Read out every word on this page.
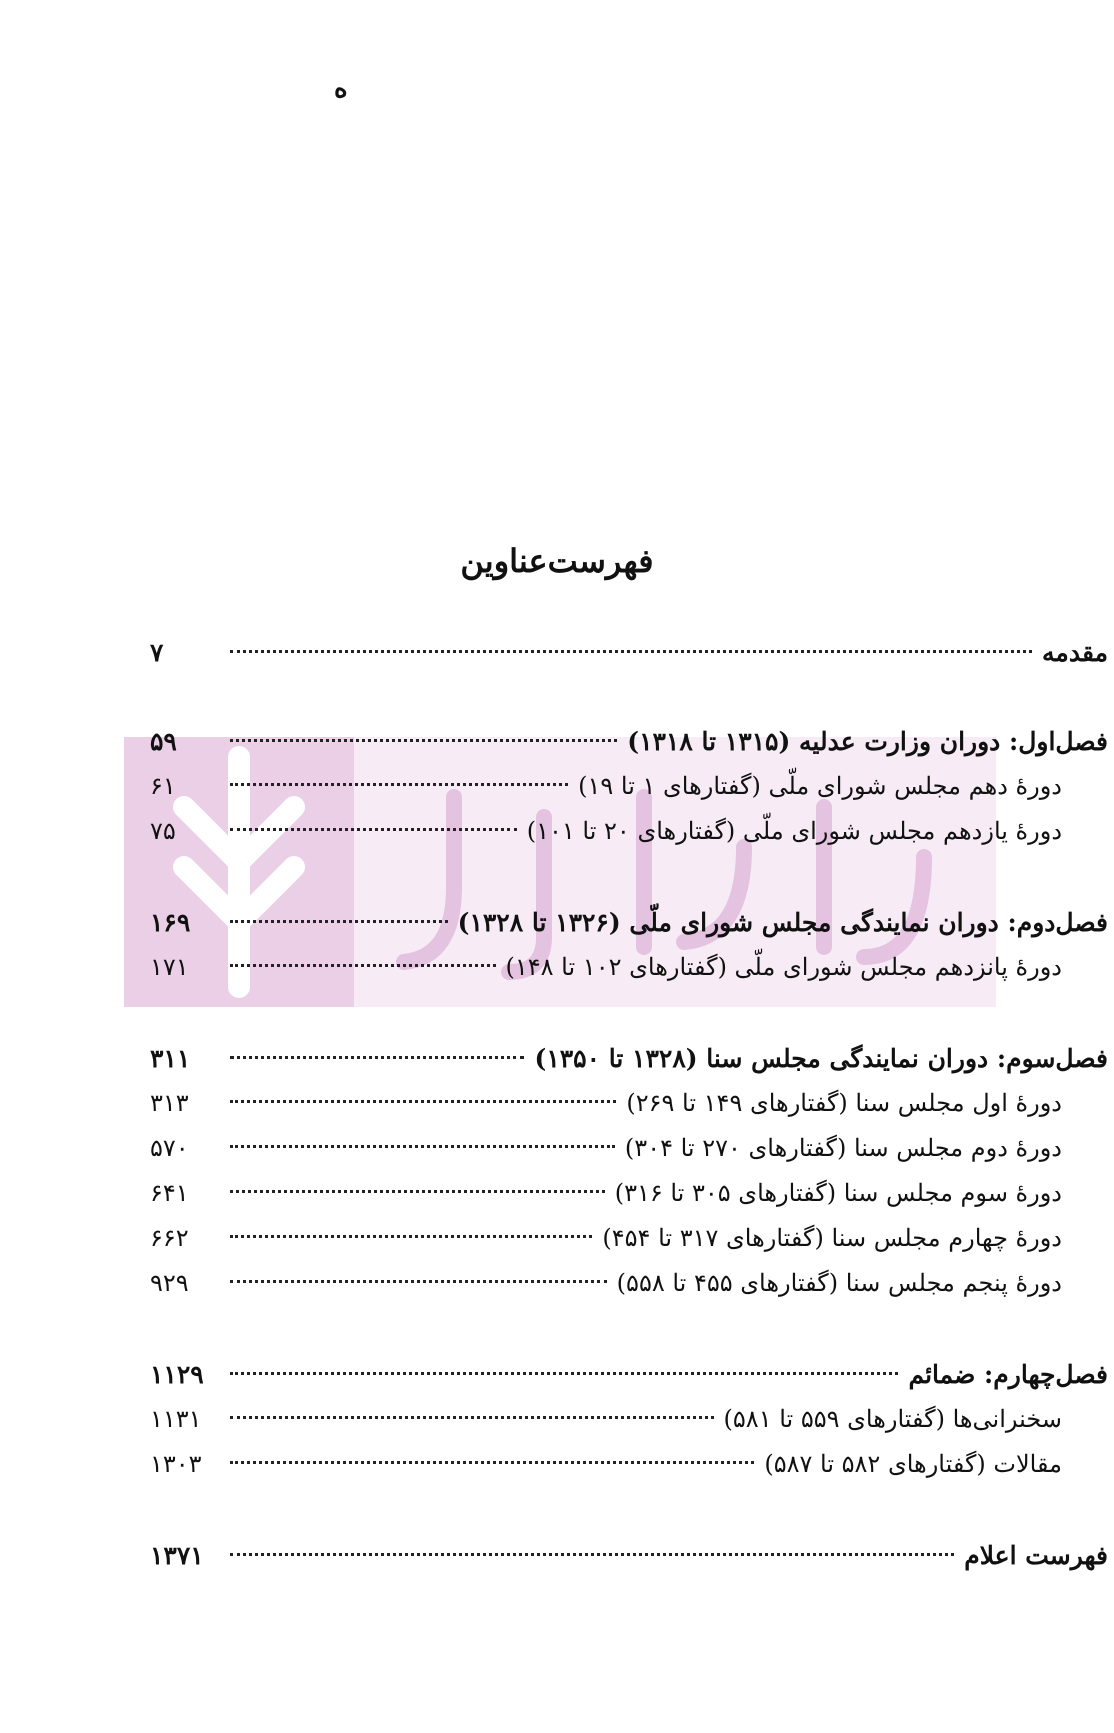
ه
فهرست‌عناوین
مقدمه
۷
فصل‌اول: دوران وزارت عدلیه (۱۳۱۵ تا ۱۳۱۸)
۵۹
دورهٔ دهم مجلس شورای ملّی (گفتارهای ۱ تا ۱۹)
۶۱
دورهٔ یازدهم مجلس شورای ملّی (گفتارهای ۲۰ تا ۱۰۱)
۷۵
فصل‌دوم: دوران نمایندگی مجلس شورای ملّی (۱۳۲۶ تا ۱۳۲۸)
۱۶۹
دورهٔ پانزدهم مجلس شورای ملّی (گفتارهای ۱۰۲ تا ۱۴۸)
۱۷۱
فصل‌سوم: دوران نمایندگی مجلس سنا (۱۳۲۸ تا ۱۳۵۰)
۳۱۱
دورهٔ اول مجلس سنا (گفتارهای ۱۴۹ تا ۲۶۹)
۳۱۳
دورهٔ دوم مجلس سنا (گفتارهای ۲۷۰ تا ۳۰۴)
۵۷۰
دورهٔ سوم مجلس سنا (گفتارهای ۳۰۵ تا ۳۱۶)
۶۴۱
دورهٔ چهارم مجلس سنا (گفتارهای ۳۱۷ تا ۴۵۴)
۶۶۲
دورهٔ پنجم مجلس سنا (گفتارهای ۴۵۵ تا ۵۵۸)
۹۲۹
فصل‌چهارم: ضمائم
۱۱۲۹
سخنرانی‌ها (گفتارهای ۵۵۹ تا ۵۸۱)
۱۱۳۱
مقالات (گفتارهای ۵۸۲ تا ۵۸۷)
۱۳۰۳
فهرست اعلام
۱۳۷۱
